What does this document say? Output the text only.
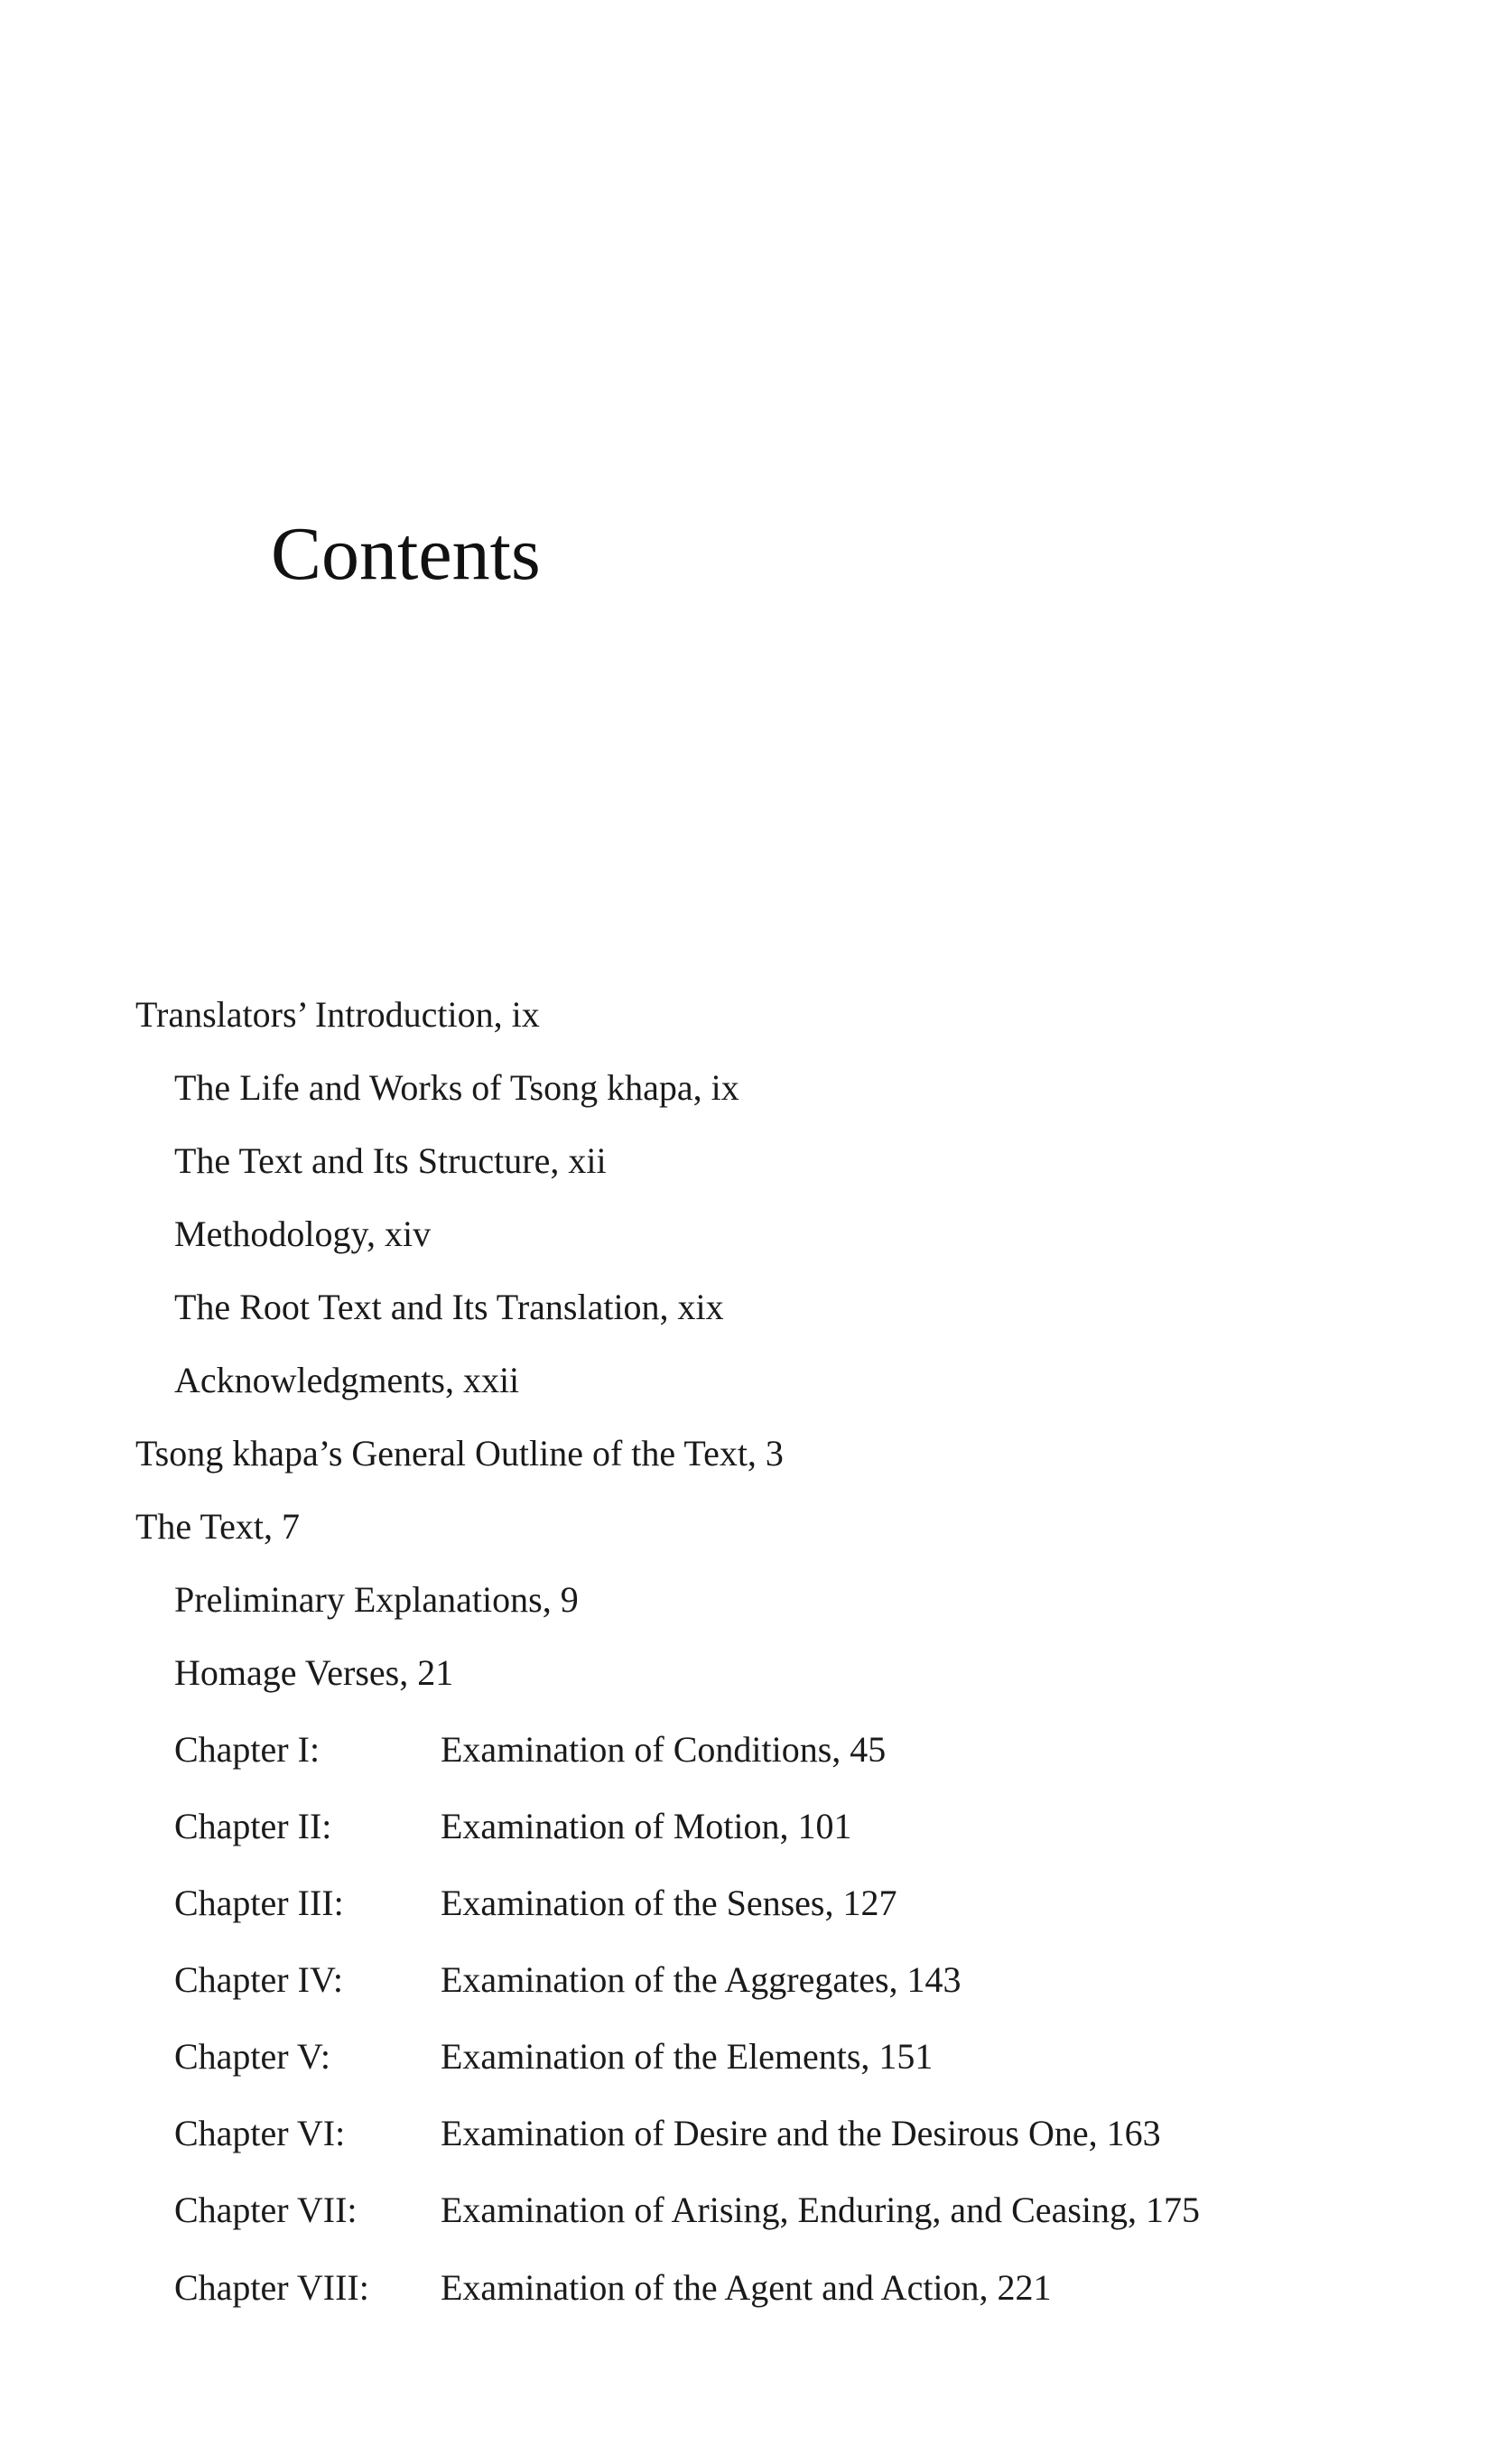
Contents
Translators’ Introduction, ix
The Life and Works of Tsong khapa, ix
The Text and Its Structure, xii
Methodology, xiv
The Root Text and Its Translation, xix
Acknowledgments, xxii
Tsong khapa’s General Outline of the Text, 3
The Text, 7
Preliminary Explanations, 9
Homage Verses, 21
Chapter I:	Examination of Conditions, 45
Chapter II:	Examination of Motion, 101
Chapter III:	Examination of the Senses, 127
Chapter IV:	Examination of the Aggregates, 143
Chapter V:	Examination of the Elements, 151
Chapter VI:	Examination of Desire and the Desirous One, 163
Chapter VII: Examination of Arising, Enduring, and Ceasing, 175
Chapter VIII: Examination of the Agent and Action, 221
